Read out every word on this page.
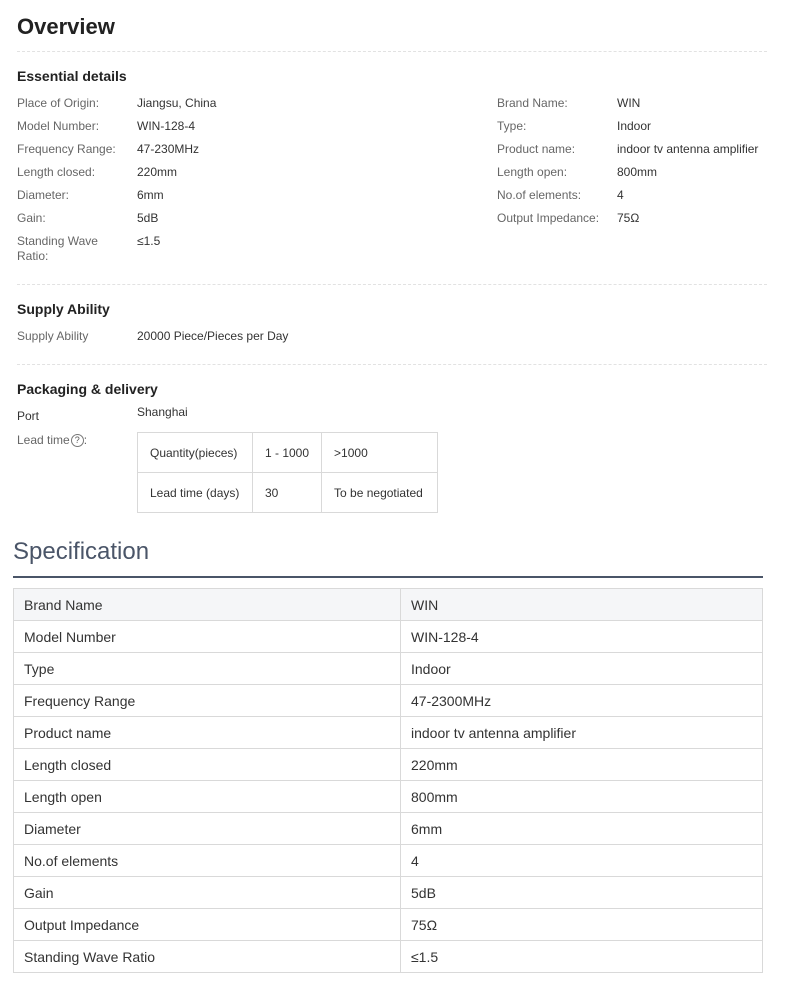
Overview
Essential details
Place of Origin:	Jiangsu, China
Model Number:	WIN-128-4
Frequency Range:	47-230MHz
Length closed:	220mm
Diameter:	6mm
Gain:	5dB
Standing Wave Ratio:
≤1.5
Brand Name:	WIN
Type:	Indoor
Product name:	indoor tv antenna amplifier
Length open:	800mm
No.of elements:	4
Output Impedance:	75Ω
Supply Ability
Supply Ability	20000 Piece/Pieces per Day
Packaging & delivery
Port	Shanghai
Lead time ? :
Quantity(pieces)	1 - 1000	>1000
Lead time (days)	30	To be negotiated
Specification
Brand Name	WIN
Model Number	WIN-128-4
Type	Indoor
Frequency Range	47-2300MHz
Product name	indoor tv antenna amplifier
Length closed	220mm
Length open	800mm
Diameter	6mm
No.of elements	4
Gain	5dB
Output Impedance	75Ω
Standing Wave Ratio	≤1.5
